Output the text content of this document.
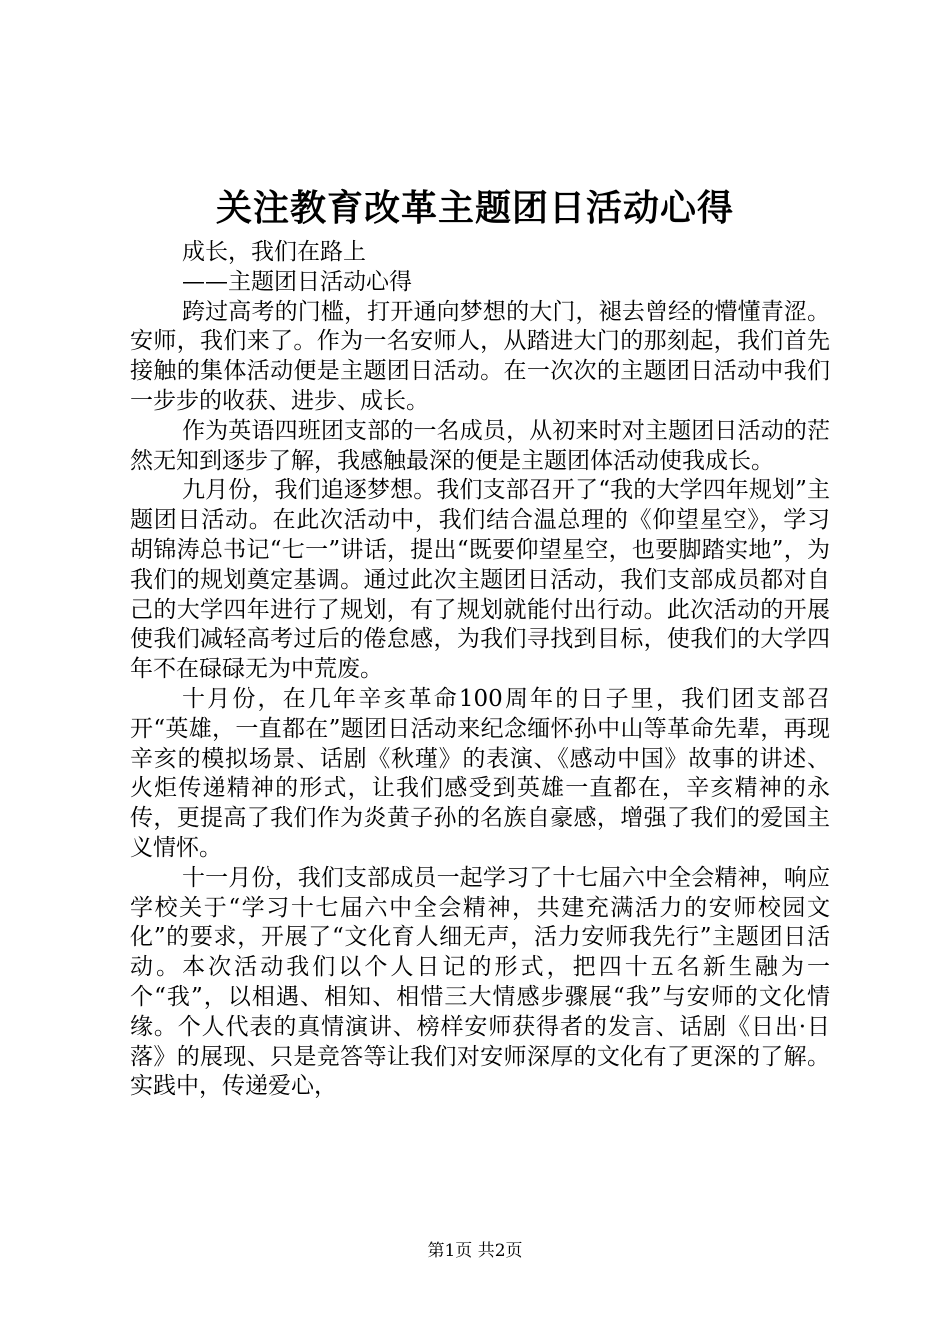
关注教育改革主题团日活动心得

成长，我们在路上

——主题团日活动心得

跨过高考的门槛，打开通向梦想的大门，褪去曾经的懵懂青涩。安师，我们来了。作为一名安师人，从踏进大门的那刻起，我们首先接触的集体活动便是主题团日活动。在一次次的主题团日活动中我们一步步的收获、进步、成长。

作为英语四班团支部的一名成员，从初来时对主题团日活动的茫然无知到逐步了解，我感触最深的便是主题团体活动使我成长。

九月份，我们追逐梦想。我们支部召开了“我的大学四年规划”主题团日活动。在此次活动中，我们结合温总理的《仰望星空》，学习胡锦涛总书记“七一”讲话，提出“既要仰望星空，也要脚踏实地”，为我们的规划奠定基调。通过此次主题团日活动，我们支部成员都对自己的大学四年进行了规划，有了规划就能付出行动。此次活动的开展使我们减轻高考过后的倦怠感，为我们寻找到目标，使我们的大学四年不在碌碌无为中荒废。

十月份，在几年辛亥革命100周年的日子里，我们团支部召开“英雄，一直都在”题团日活动来纪念缅怀孙中山等革命先辈，再现辛亥的模拟场景、话剧《秋瑾》的表演、《感动中国》故事的讲述、火炬传递精神的形式，让我们感受到英雄一直都在，辛亥精神的永传，更提高了我们作为炎黄子孙的名族自豪感，增强了我们的爱国主义情怀。

十一月份，我们支部成员一起学习了十七届六中全会精神，响应学校关于“学习十七届六中全会精神，共建充满活力的安师校园文化”的要求，开展了“文化育人细无声，活力安师我先行”主题团日活动。本次活动我们以个人日记的形式，把四十五名新生融为一个“我”，以相遇、相知、相惜三大情感步骤展“我”与安师的文化情缘。个人代表的真情演讲、榜样安师获得者的发言、话剧《日出·日落》的展现、只是竞答等让我们对安师深厚的文化有了更深的了解。实践中，传递爱心，

第1页 共2页
